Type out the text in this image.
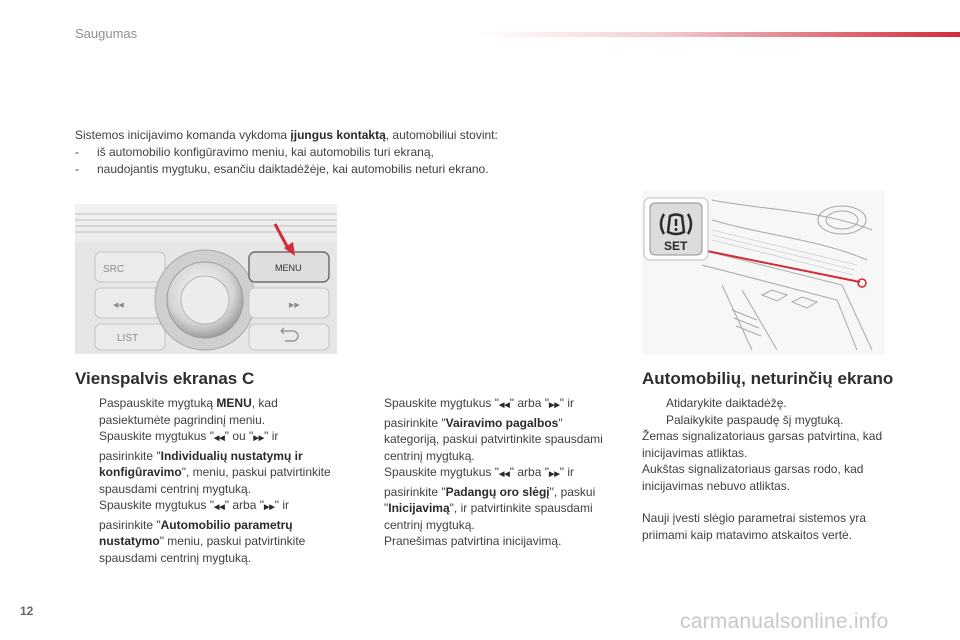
Saugumas

Sistemos inicijavimo komanda vykdoma įjungus kontaktą, automobiliui stovint:

- iš automobilio konfigūravimo meniu, kai automobilis turi ekraną,

- naudojantis mygtuku, esančiu daiktadėžėje, kai automobilis neturi ekrano.

SRC
◀◀
LIST
MENU
▶▶
SET
Vienspalvis ekranas C	Automobilių, neturinčių ekrano
Paspauskite mygtuką MENU, kad pasiektumėte pagrindinį meniu.
Spauskite mygtukus "◀◀" ou "▶▶" ir pasirinkite "Individualių nustatymų ir konfigūravimo", meniu, paskui patvirtinkite spausdami centrinį mygtuką.
Spauskite mygtukus "◀◀" arba "▶▶" ir pasirinkite "Automobilio parametrų nustatymo" meniu, paskui patvirtinkite spausdami centrinį mygtuką.
Spauskite mygtukus "◀◀" arba "▶▶" ir pasirinkite "Vairavimo pagalbos" kategoriją, paskui patvirtinkite spausdami centrinį mygtuką.
Spauskite mygtukus "◀◀" arba "▶▶" ir pasirinkite "Padangų oro slėgį", paskui "Inicijavimą", ir patvirtinkite spausdami centrinį mygtuką.
Pranešimas patvirtina inicijavimą.
Atidarykite daiktadėžę.
Palaikykite paspaudę šį mygtuką.

Žemas signalizatoriaus garsas patvirtina, kad inicijavimas atliktas.

Aukštas signalizatoriaus garsas rodo, kad inicijavimas nebuvo atliktas.

Nauji įvesti slėgio parametrai sistemos yra priimami kaip matavimo atskaitos vertė.

12	carmanualsonline.info
